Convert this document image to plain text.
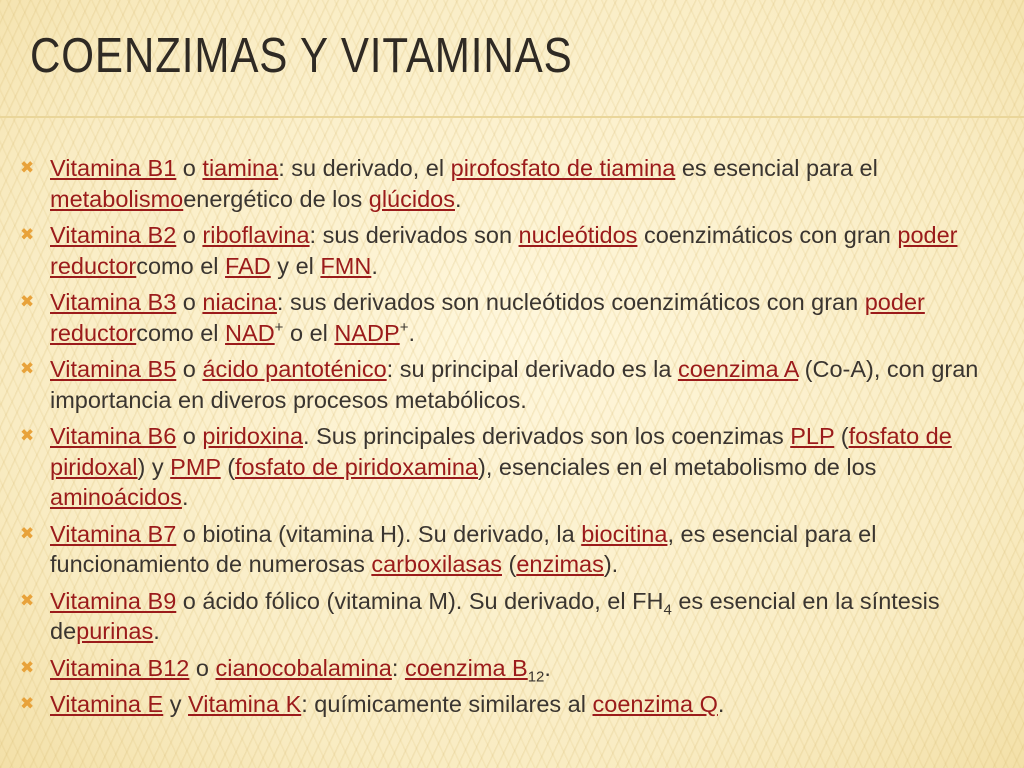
COENZIMAS Y VITAMINAS
✖ Vitamina B1 o tiamina: su derivado, el pirofosfato de tiamina es esencial para el metabolismoenergético de los glúcidos.
✖ Vitamina B2 o riboflavina: sus derivados son nucleótidos coenzimáticos con gran poder reductorcomo el FAD y el FMN.
✖ Vitamina B3 o niacina: sus derivados son nucleótidos coenzimáticos con gran poder reductorcomo el NAD+ o el NADP+.
✖ Vitamina B5 o ácido pantoténico: su principal derivado es la coenzima A (Co-A), con gran importancia en diveros procesos metabólicos.
✖ Vitamina B6 o piridoxina. Sus principales derivados son los coenzimas PLP (fosfato de piridoxal) y PMP (fosfato de piridoxamina), esenciales en el metabolismo de los aminoácidos.
✖ Vitamina B7 o biotina (vitamina H). Su derivado, la biocitina, es esencial para el funcionamiento de numerosas carboxilasas (enzimas).
✖ Vitamina B9 o ácido fólico (vitamina M). Su derivado, el $FH_4$ es esencial en la síntesis depurinas.
✖ Vitamina B12 o cianocobalamina: coenzima $B_{12}$.
✖ Vitamina E y Vitamina K: químicamente similares al coenzima Q.
